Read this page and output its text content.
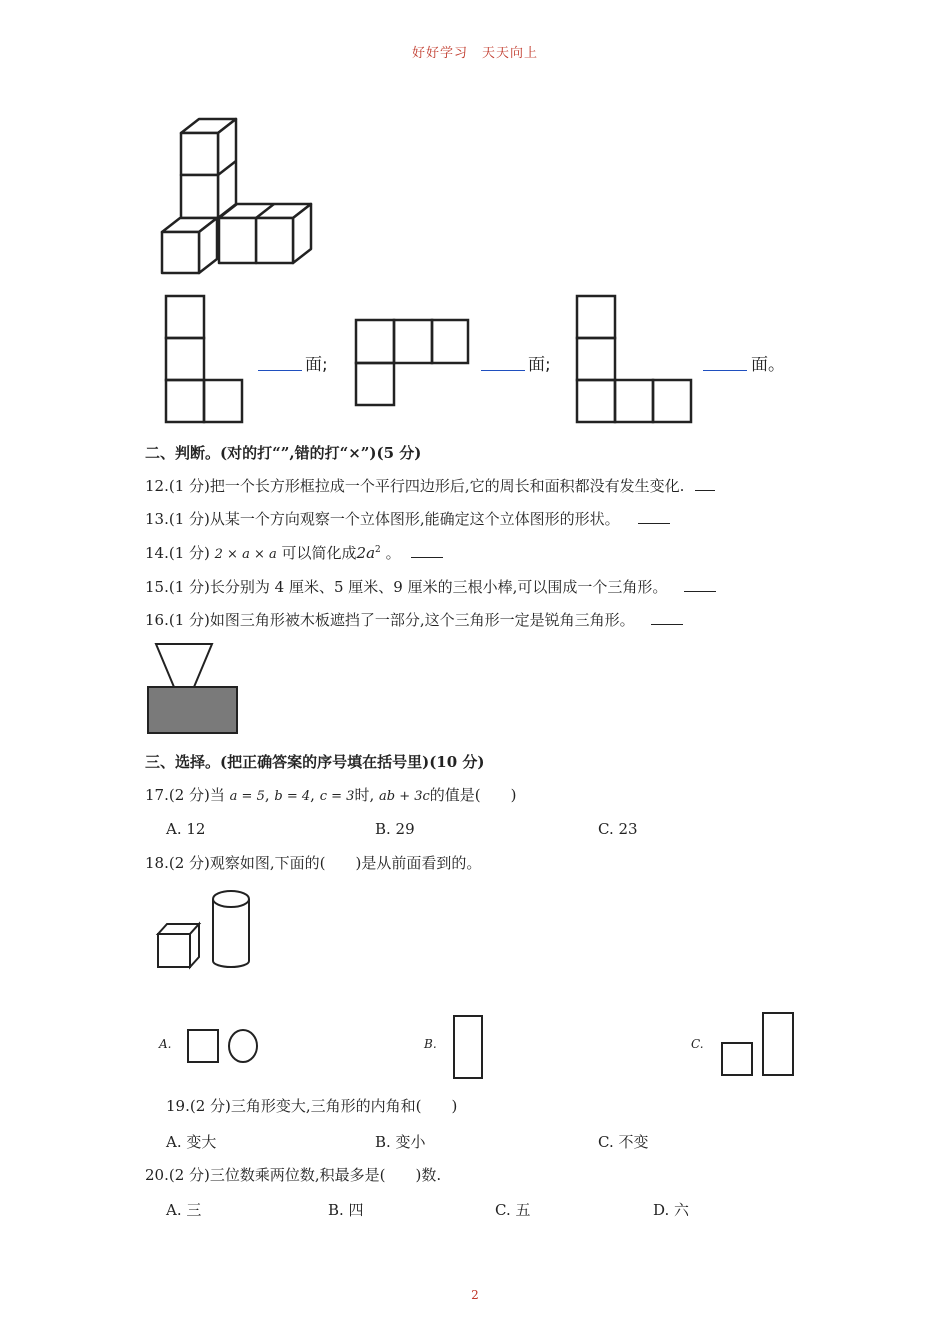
好好学习　天天向上
面;	面;	面。
二、判断。(对的打“”,错的打“×”)(5 分)
12.(1 分)把一个长方形框拉成一个平行四边形后,它的周长和面积都没有发生变化.
13.(1 分)从某一个方向观察一个立体图形,能确定这个立体图形的形状。
14.(1 分) 2 × a × a 可以简化成$2a^2$ 。
15.(1 分)长分别为 4 厘米、5 厘米、9 厘米的三根小棒,可以围成一个三角形。
16.(1 分)如图三角形被木板遮挡了一部分,这个三角形一定是锐角三角形。
三、选择。(把正确答案的序号填在括号里)(10 分)
17.(2 分)当 a = 5, b = 4, c = 3时, ab + 3c的值是(　　)
A. 12	B. 29	C. 23
18.(2 分)观察如图,下面的(　　)是从前面看到的。
A.	B.	C.
19.(2 分)三角形变大,三角形的内角和(　　)
A. 变大	B. 变小	C. 不变
20.(2 分)三位数乘两位数,积最多是(　　)数.
A. 三	B. 四	C. 五	D. 六
2
